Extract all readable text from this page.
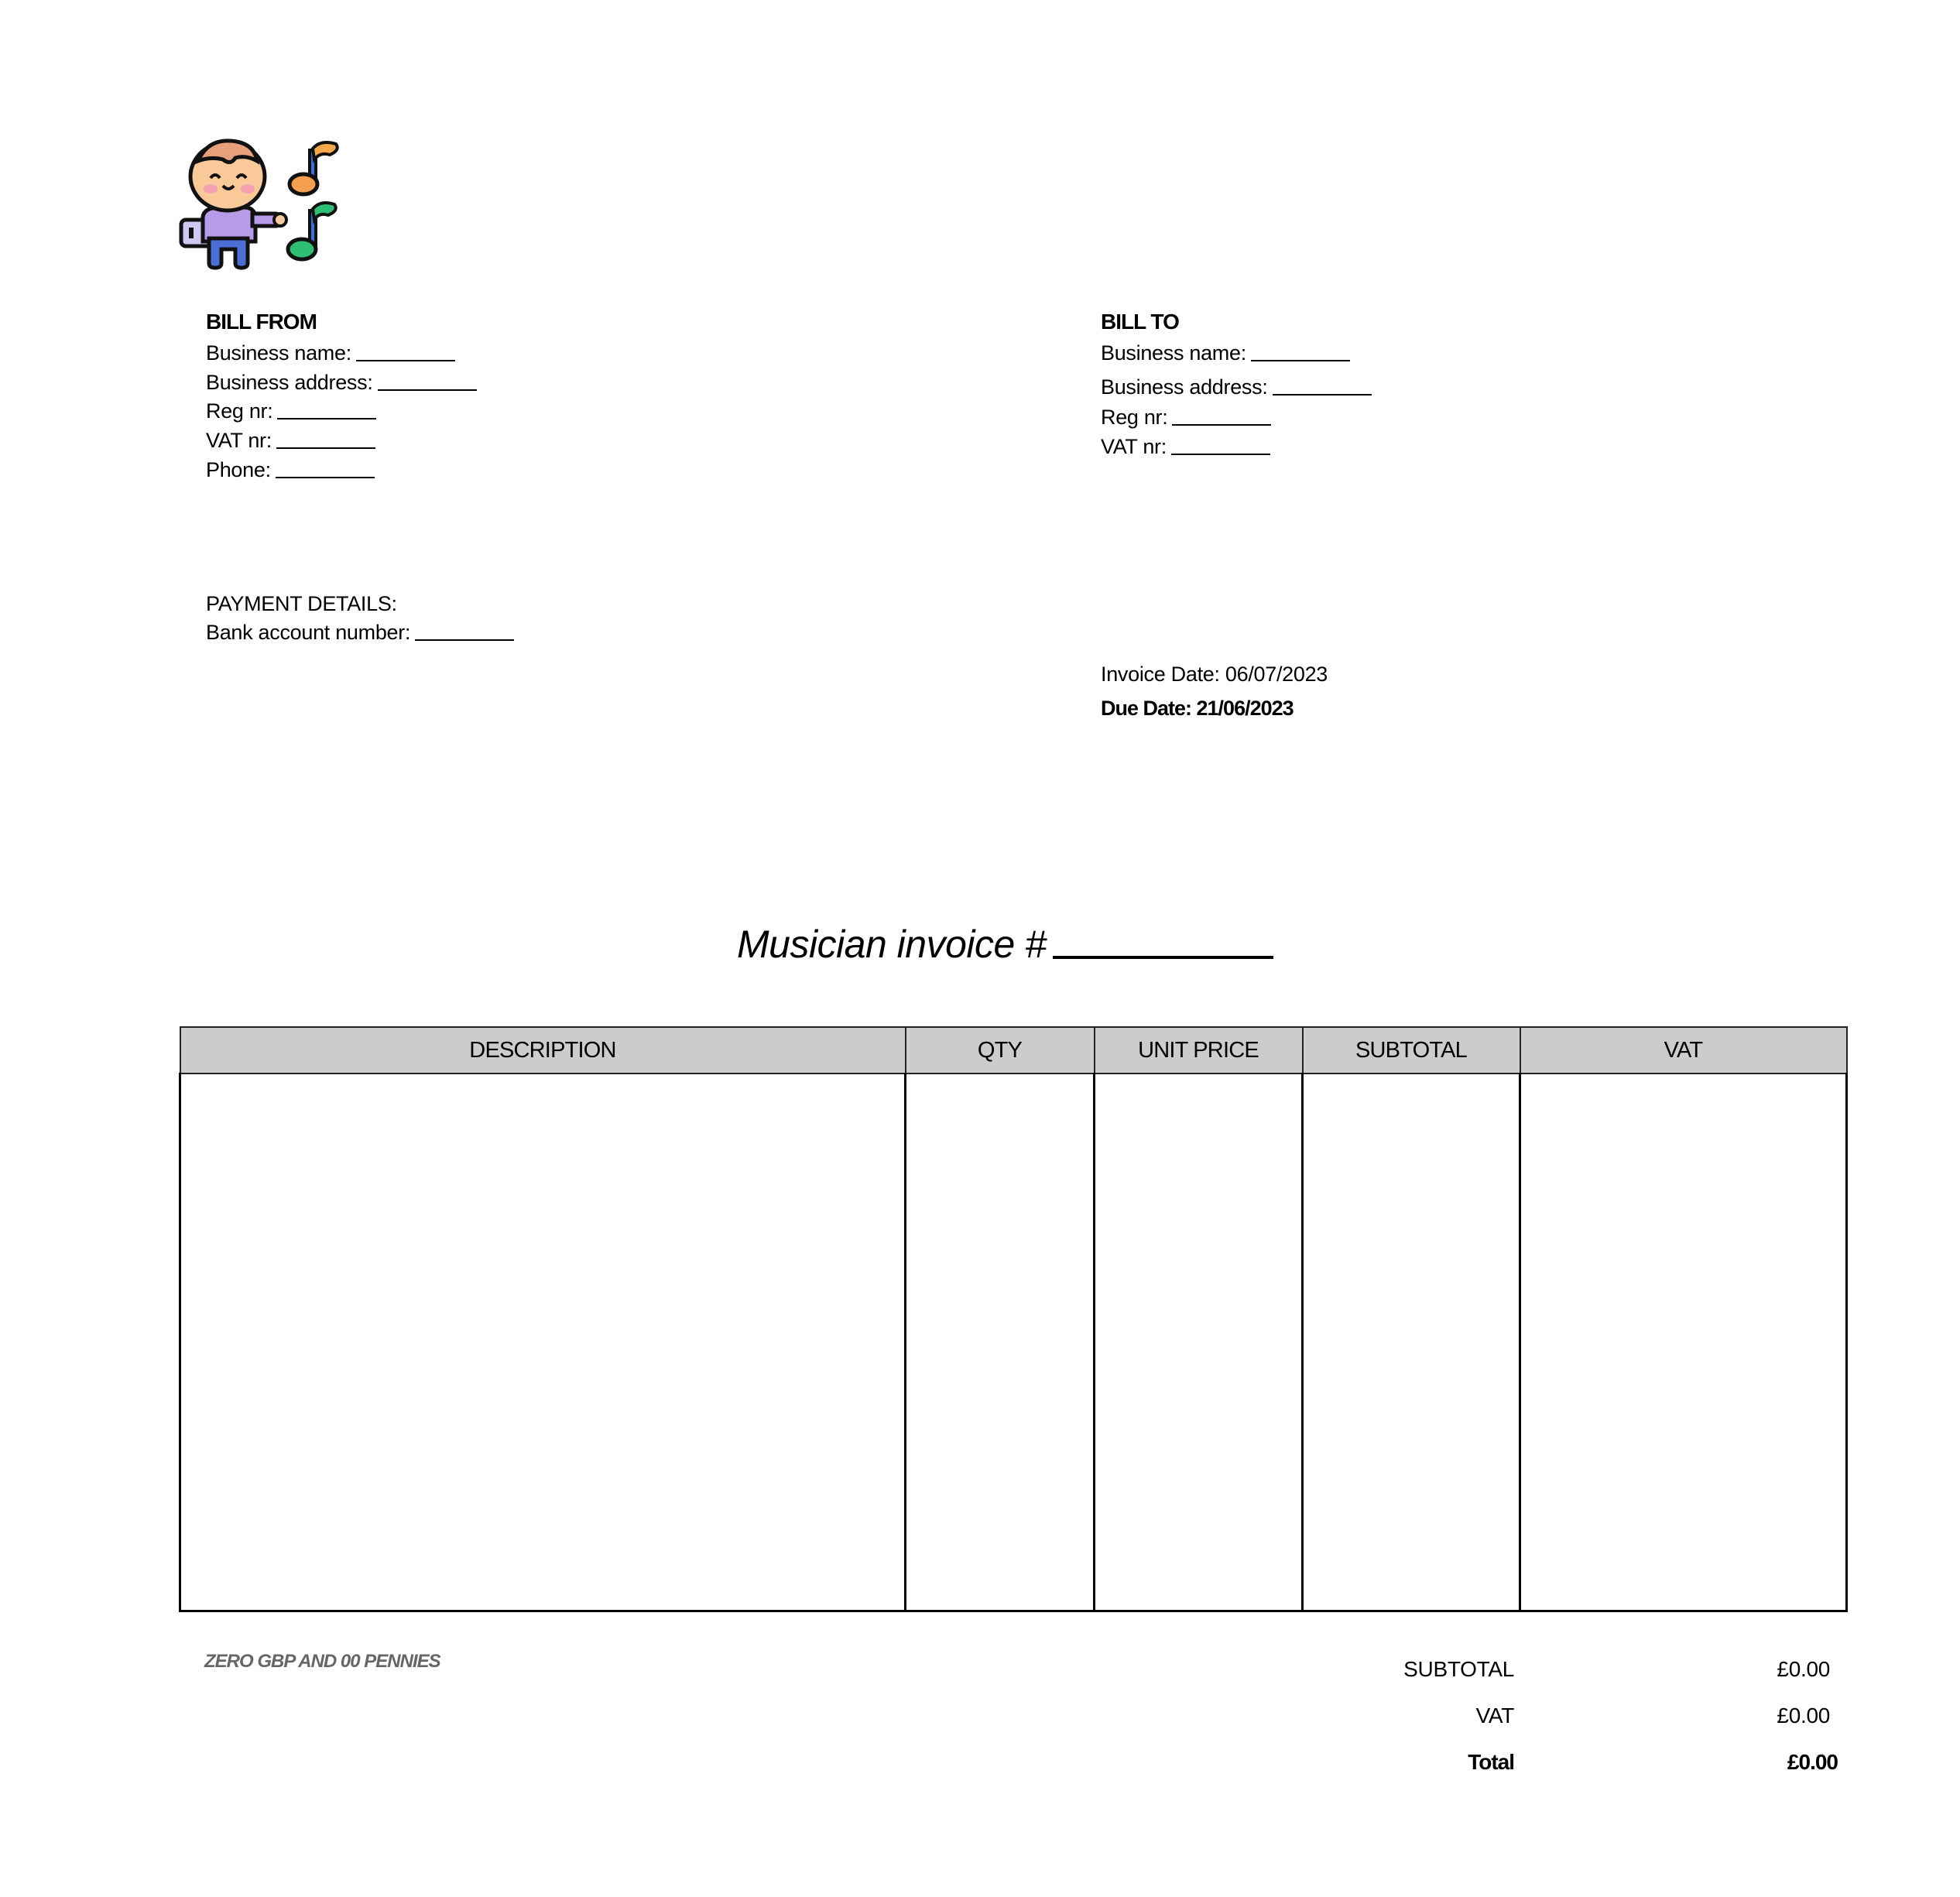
BILL FROM
Business name:
Business address:
Reg nr:
VAT nr:
Phone:
BILL TO
Business name:
Business address:
Reg nr:
VAT nr:
PAYMENT DETAILS:
Bank account number:
Invoice Date: 06/07/2023
Due Date: 21/06/2023
Musician invoice #
DESCRIPTION	QTY	UNIT PRICE	SUBTOTAL	VAT

ZERO GBP AND 00 PENNIES	SUBTOTAL	£0.00
VAT	£0.00
Total	£0.00
